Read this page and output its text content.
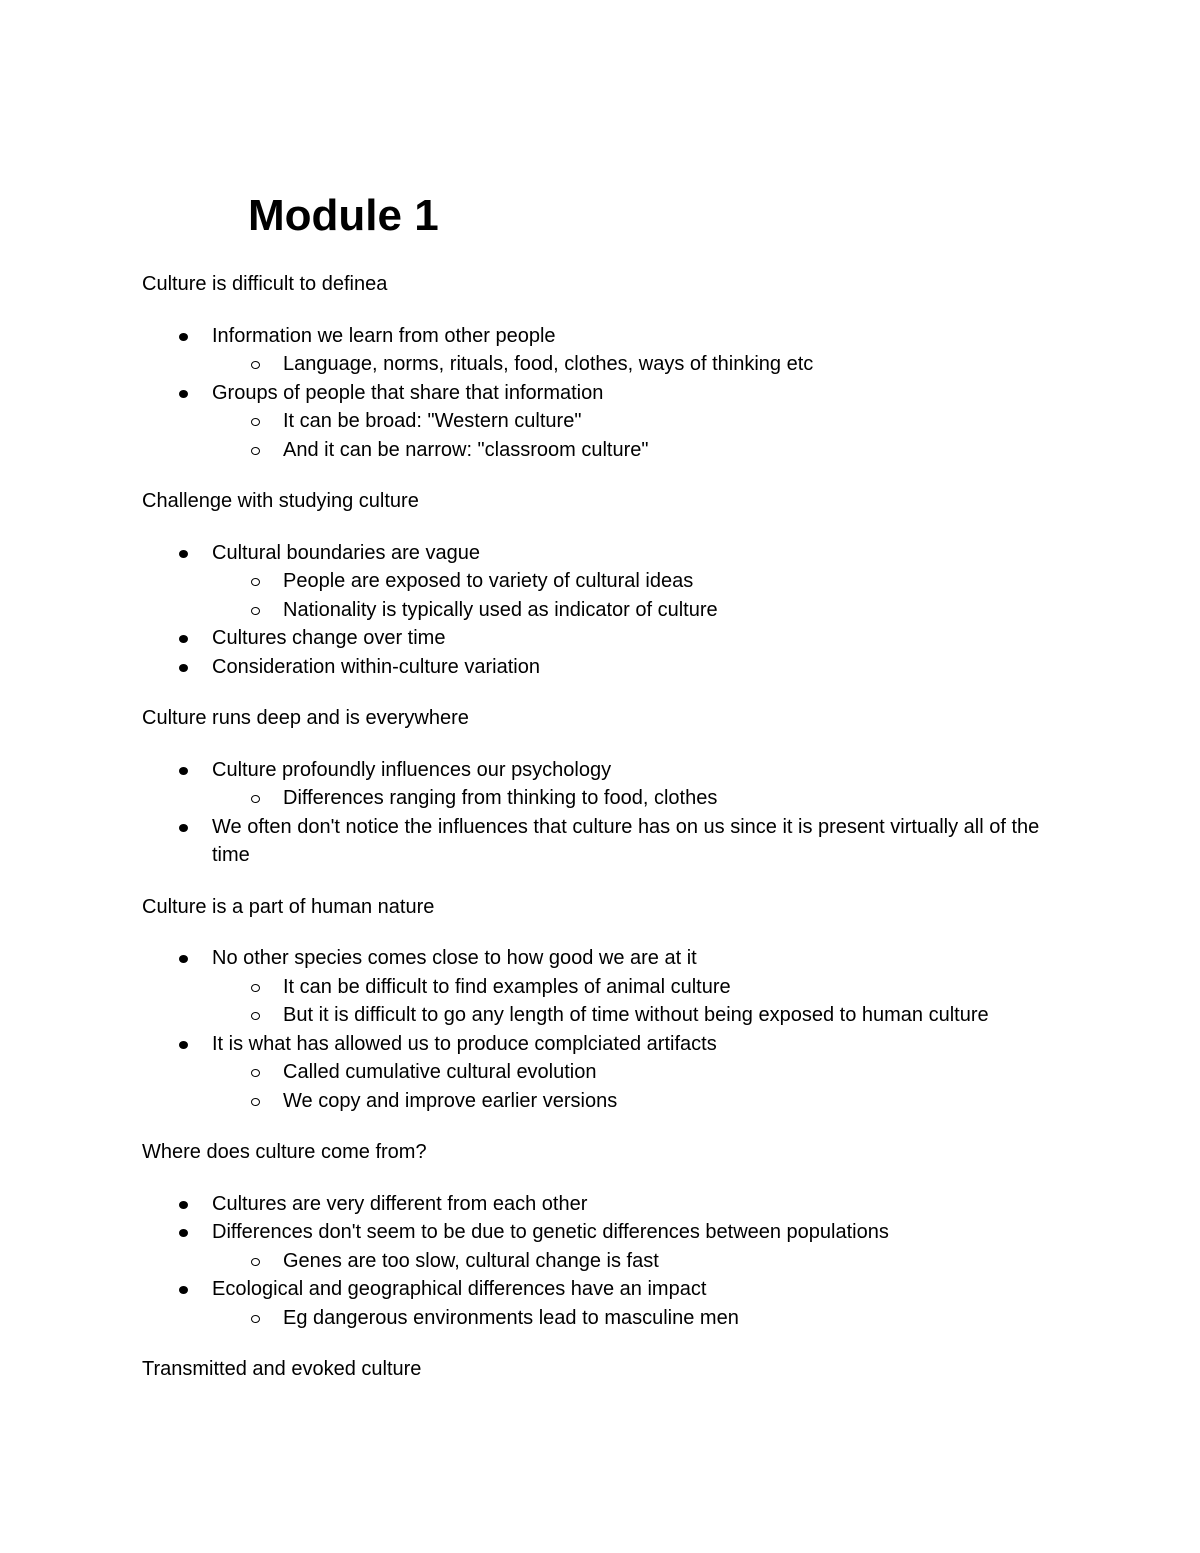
Module 1

Culture is difficult to definea

Information we learn from other people
Language, norms, rituals, food, clothes, ways of thinking etc
Groups of people that share that information
It can be broad: "Western culture"
And it can be narrow: "classroom culture"

Challenge with studying culture

Cultural boundaries are vague
People are exposed to variety of cultural ideas
Nationality is typically used as indicator of culture
Cultures change over time
Consideration within-culture variation

Culture runs deep and is everywhere

Culture profoundly influences our psychology
Differences ranging from thinking to food, clothes
We often don't notice the influences that culture has on us since it is present virtually all of the time

Culture is a part of human nature

No other species comes close to how good we are at it
It can be difficult to find examples of animal culture
But it is difficult to go any length of time without being exposed to human culture
It is what has allowed us to produce complciated artifacts
Called cumulative cultural evolution
We copy and improve earlier versions

Where does culture come from?

Cultures are very different from each other
Differences don't seem to be due to genetic differences between populations
Genes are too slow, cultural change is fast
Ecological and geographical differences have an impact
Eg dangerous environments lead to masculine men

Transmitted and evoked culture
